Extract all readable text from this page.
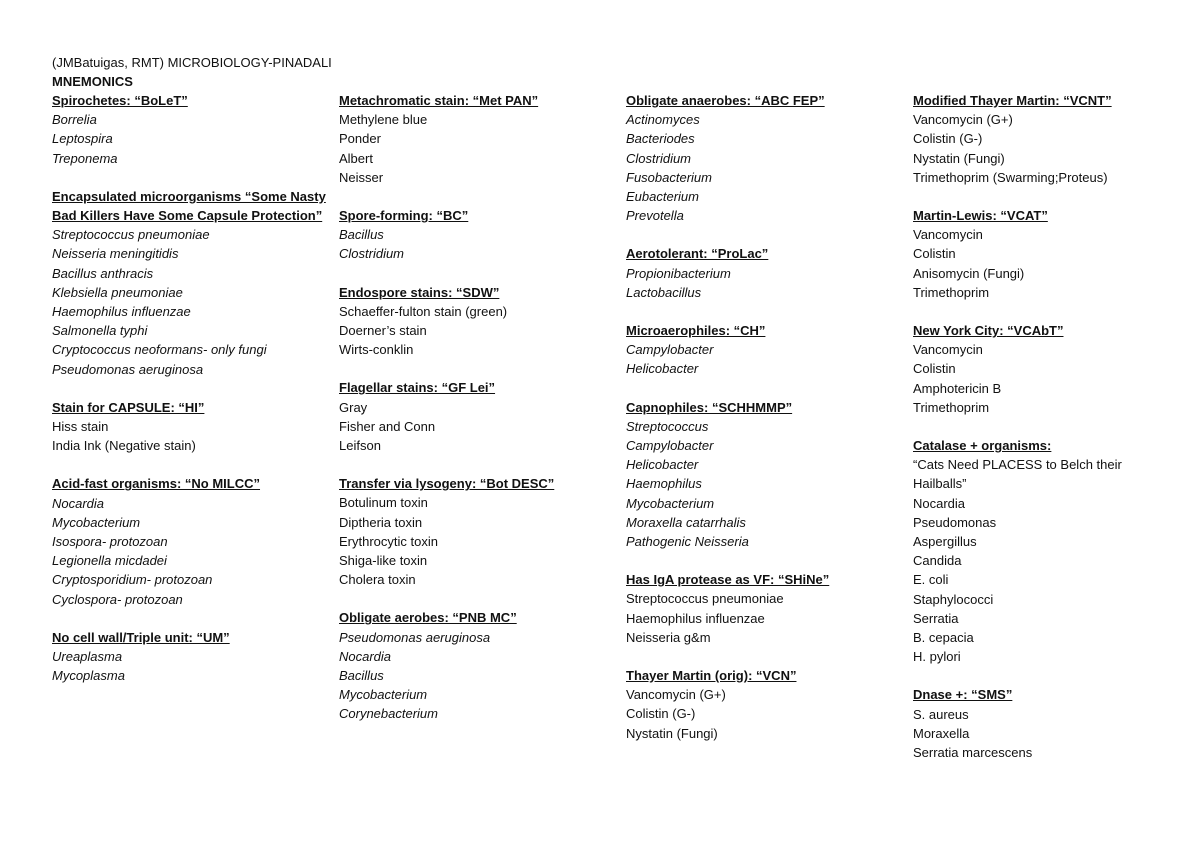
(JMBatuigas, RMT) MICROBIOLOGY-PINADALI
MNEMONICS
Spirochetes: “BoLeT”
Borrelia
Leptospira
Treponema
Encapsulated microorganisms “Some Nasty Bad Killers Have Some Capsule Protection”
Streptococcus pneumoniae
Neisseria meningitidis
Bacillus anthracis
Klebsiella pneumoniae
Haemophilus influenzae
Salmonella typhi
Cryptococcus neoformans- only fungi
Pseudomonas aeruginosa
Stain for CAPSULE: “HI”
Hiss stain
India Ink (Negative stain)
Acid-fast organisms: “No MILCC”
Nocardia
Mycobacterium
Isospora- protozoan
Legionella micdadei
Cryptosporidium- protozoan
Cyclospora- protozoan
No cell wall/Triple unit: “UM”
Ureaplasma
Mycoplasma
Metachromatic stain: “Met PAN”
Methylene blue
Ponder
Albert
Neisser
Spore-forming: “BC”
Bacillus
Clostridium
Endospore stains: “SDW”
Schaeffer-fulton stain (green)
Doerner’s stain
Wirts-conklin
Flagellar stains: “GF Lei”
Gray
Fisher and Conn
Leifson
Transfer via lysogeny: “Bot DESC”
Botulinum toxin
Diptheria toxin
Erythrocytic toxin
Shiga-like toxin
Cholera toxin
Obligate aerobes: “PNB MC”
Pseudomonas aeruginosa
Nocardia
Bacillus
Mycobacterium
Corynebacterium
Obligate anaerobes: “ABC FEP”
Actinomyces
Bacteriodes
Clostridium
Fusobacterium
Eubacterium
Prevotella
Aerotolerant: “ProLac”
Propionibacterium
Lactobacillus
Microaerophiles: “CH”
Campylobacter
Helicobacter
Capnophiles: “SCHHMMP”
Streptococcus
Campylobacter
Helicobacter
Haemophilus
Mycobacterium
Moraxella catarrhalis
Pathogenic Neisseria
Has IgA protease as VF: “SHiNe”
Streptococcus pneumoniae
Haemophilus influenzae
Neisseria g&m
Thayer Martin (orig): “VCN”
Vancomycin (G+)
Colistin (G-)
Nystatin (Fungi)
Modified Thayer Martin: “VCNT”
Vancomycin (G+)
Colistin (G-)
Nystatin (Fungi)
Trimethoprim (Swarming;Proteus)
Martin-Lewis: “VCAT”
Vancomycin
Colistin
Anisomycin (Fungi)
Trimethoprim
New York City: “VCAbT”
Vancomycin
Colistin
Amphotericin B
Trimethoprim
Catalase + organisms:
“Cats Need PLACESS to Belch their
Hailballs”
Nocardia
Pseudomonas
Aspergillus
Candida
E. coli
Staphylococci
Serratia
B. cepacia
H. pylori
Dnase +: “SMS”
S. aureus
Moraxella
Serratia marcescens
